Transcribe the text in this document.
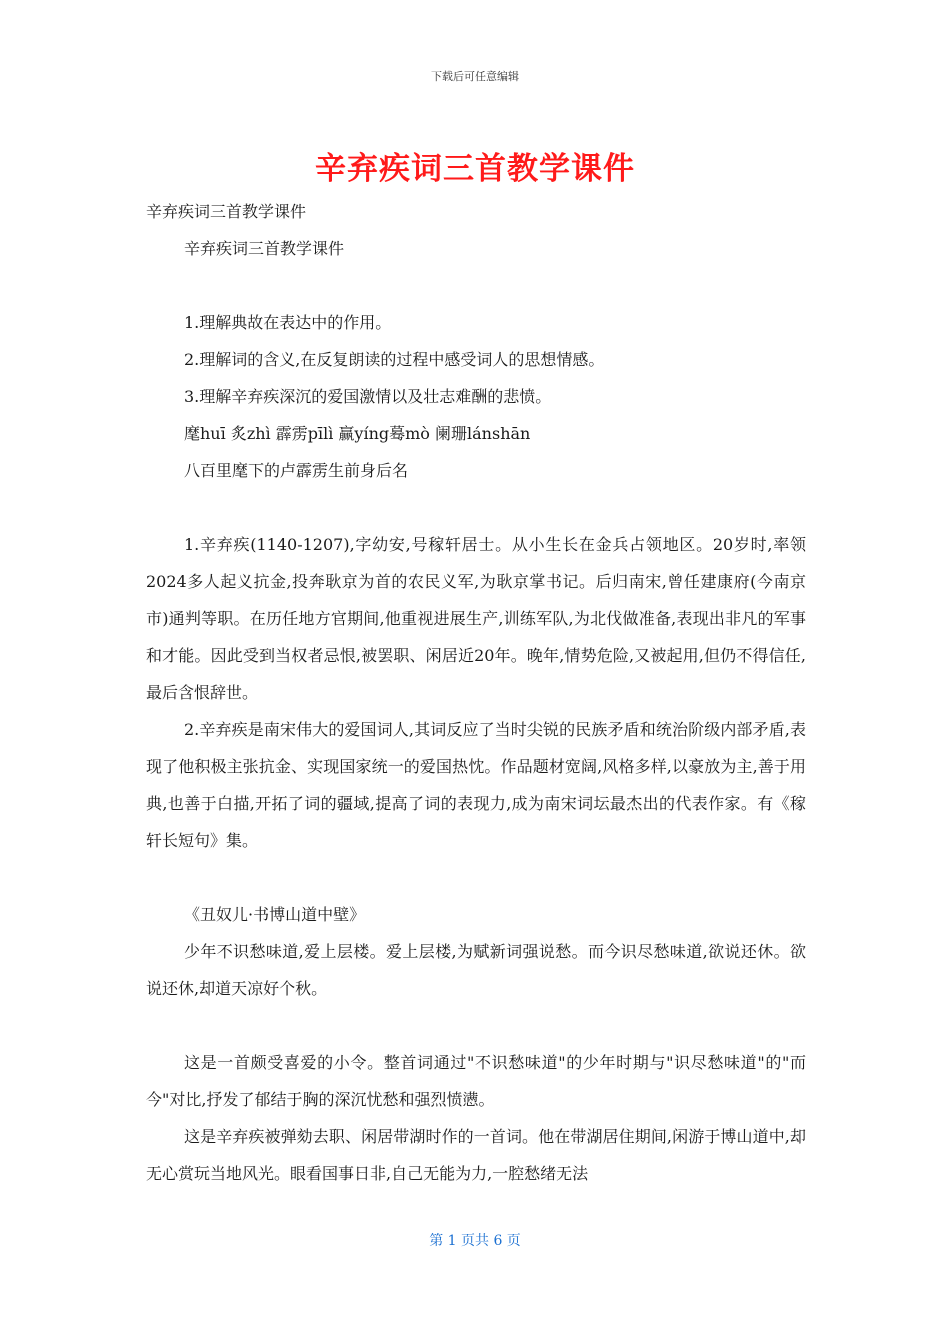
下载后可任意编辑
辛弃疾词三首教学课件

辛弃疾词三首教学课件

辛弃疾词三首教学课件

1.理解典故在表达中的作用。

2.理解词的含义,在反复朗读的过程中感受词人的思想情感。

3.理解辛弃疾深沉的爱国激情以及壮志难酬的悲愤。

麾huī 炙zhì 霹雳pīlì 赢yíng蓦mò 阑珊lánshān

八百里麾下的卢霹雳生前身后名

1.辛弃疾(1140-1207),字幼安,号稼轩居士。从小生长在金兵占领地区。20岁时,率领2024多人起义抗金,投奔耿京为首的农民义军,为耿京掌书记。后归南宋,曾任建康府(今南京市)通判等职。在历任地方官期间,他重视进展生产,训练军队,为北伐做准备,表现出非凡的军事和才能。因此受到当权者忌恨,被罢职、闲居近20年。晚年,情势危险,又被起用,但仍不得信任,最后含恨辞世。

2.辛弃疾是南宋伟大的爱国词人,其词反应了当时尖锐的民族矛盾和统治阶级内部矛盾,表现了他积极主张抗金、实现国家统一的爱国热忱。作品题材宽阔,风格多样,以豪放为主,善于用典,也善于白描,开拓了词的疆域,提高了词的表现力,成为南宋词坛最杰出的代表作家。有《稼轩长短句》集。

《丑奴儿·书博山道中壁》

少年不识愁味道,爱上层楼。爱上层楼,为赋新词强说愁。而今识尽愁味道,欲说还休。欲说还休,却道天凉好个秋。

这是一首颇受喜爱的小令。整首词通过"不识愁味道"的少年时期与"识尽愁味道"的"而今"对比,抒发了郁结于胸的深沉忧愁和强烈愤懑。

这是辛弃疾被弹劾去职、闲居带湖时作的一首词。他在带湖居住期间,闲游于博山道中,却无心赏玩当地风光。眼看国事日非,自己无能为力,一腔愁绪无法

第 1 页共 6 页
